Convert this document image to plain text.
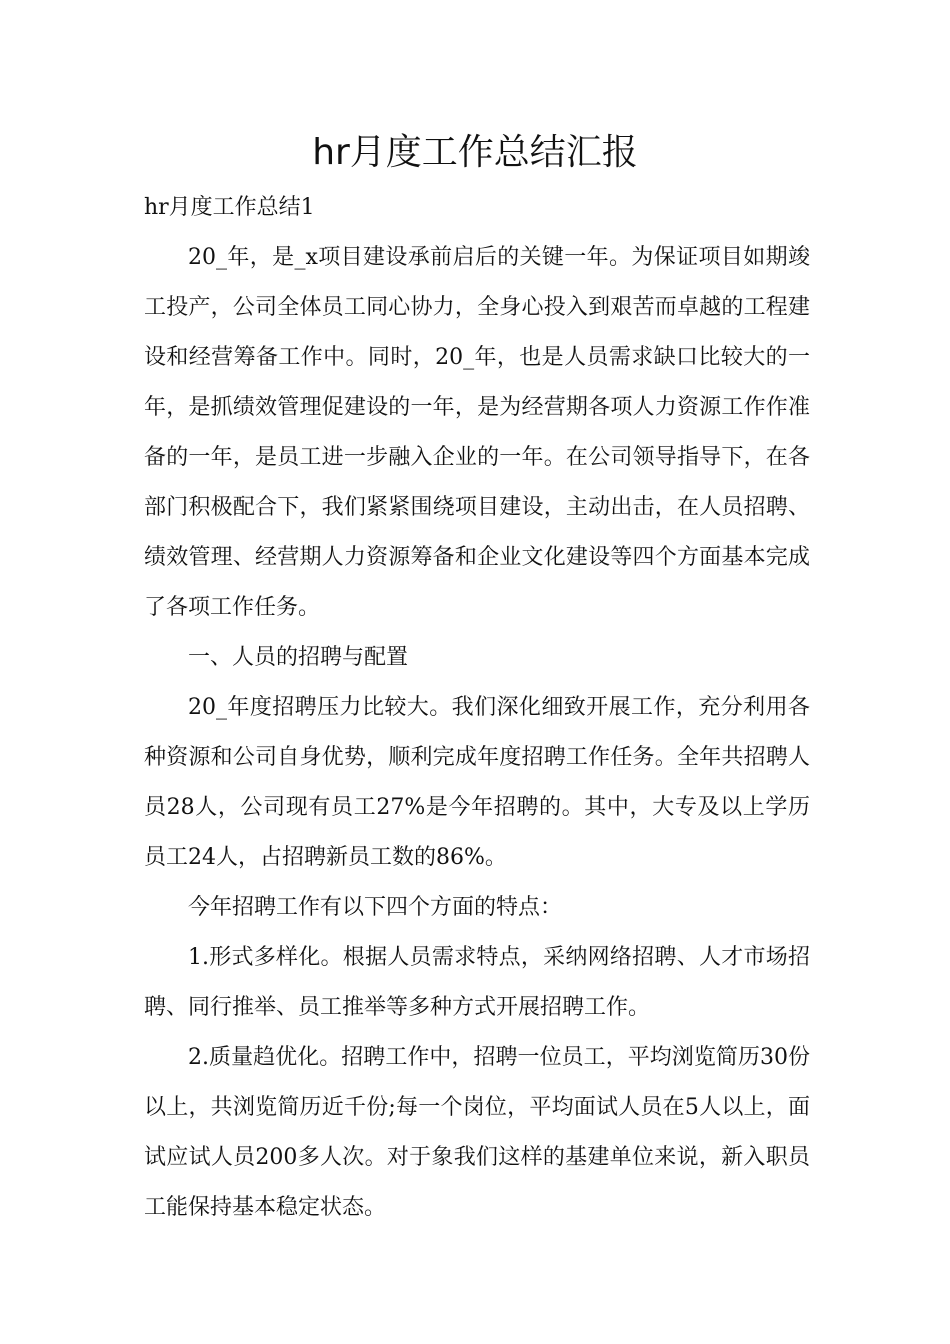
hr月度工作总结汇报

hr月度工作总结1

20_年，是_x项目建设承前启后的关键一年。为保证项目如期竣工投产，公司全体员工同心协力，全身心投入到艰苦而卓越的工程建设和经营筹备工作中。同时，20_年，也是人员需求缺口比较大的一年，是抓绩效管理促建设的一年，是为经营期各项人力资源工作作准备的一年，是员工进一步融入企业的一年。在公司领导指导下，在各部门积极配合下，我们紧紧围绕项目建设，主动出击，在人员招聘、绩效管理、经营期人力资源筹备和企业文化建设等四个方面基本完成了各项工作任务。

一、人员的招聘与配置

20_年度招聘压力比较大。我们深化细致开展工作，充分利用各种资源和公司自身优势，顺利完成年度招聘工作任务。全年共招聘人员28人，公司现有员工27%是今年招聘的。其中，大专及以上学历员工24人，占招聘新员工数的86%。

今年招聘工作有以下四个方面的特点：

1.形式多样化。根据人员需求特点，采纳网络招聘、人才市场招聘、同行推举、员工推举等多种方式开展招聘工作。

2.质量趋优化。招聘工作中，招聘一位员工，平均浏览简历30份以上，共浏览简历近千份;每一个岗位，平均面试人员在5人以上，面试应试人员200多人次。对于象我们这样的基建单位来说，新入职员工能保持基本稳定状态。
